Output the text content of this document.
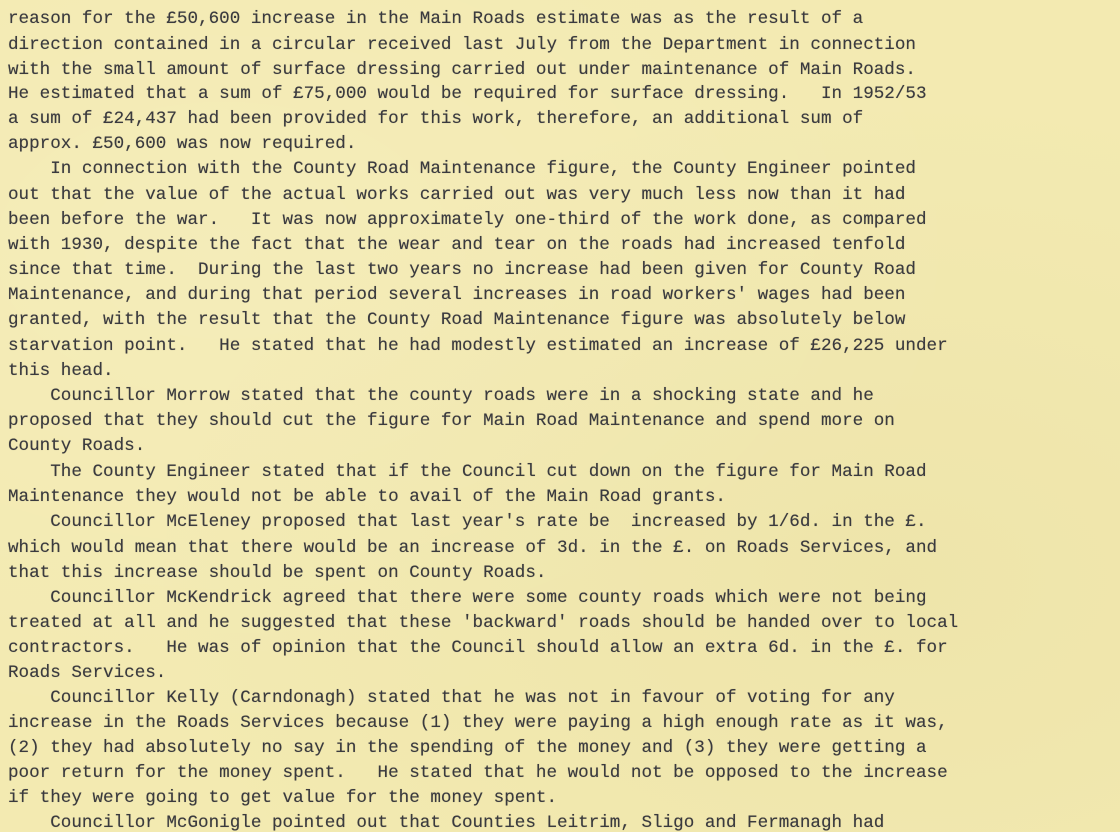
reason for the £50,600 increase in the Main Roads estimate was as the result of a
direction contained in a circular received last July from the Department in connection
with the small amount of surface dressing carried out under maintenance of Main Roads.
He estimated that a sum of £75,000 would be required for surface dressing.   In 1952/53
a sum of £24,437 had been provided for this work, therefore, an additional sum of
approx. £50,600 was now required.
In connection with the County Road Maintenance figure, the County Engineer pointed
out that the value of the actual works carried out was very much less now than it had
been before the war.   It was now approximately one-third of the work done, as compared
with 1930, despite the fact that the wear and tear on the roads had increased tenfold
since that time.  During the last two years no increase had been given for County Road
Maintenance, and during that period several increases in road workers' wages had been
granted, with the result that the County Road Maintenance figure was absolutely below
starvation point.   He stated that he had modestly estimated an increase of £26,225 under
this head.
Councillor Morrow stated that the county roads were in a shocking state and he
proposed that they should cut the figure for Main Road Maintenance and spend more on
County Roads.
The County Engineer stated that if the Council cut down on the figure for Main Road
Maintenance they would not be able to avail of the Main Road grants.
Councillor McEleney proposed that last year's rate be  increased by 1/6d. in the £.
which would mean that there would be an increase of 3d. in the £. on Roads Services, and
that this increase should be spent on County Roads.
Councillor McKendrick agreed that there were some county roads which were not being
treated at all and he suggested that these 'backward' roads should be handed over to local
contractors.   He was of opinion that the Council should allow an extra 6d. in the £. for
Roads Services.
Councillor Kelly (Carndonagh) stated that he was not in favour of voting for any
increase in the Roads Services because (1) they were paying a high enough rate as it was,
(2) they had absolutely no say in the spending of the money and (3) they were getting a
poor return for the money spent.   He stated that he would not be opposed to the increase
if they were going to get value for the money spent.
Councillor McGonigle pointed out that Counties Leitrim, Sligo and Fermanagh had
